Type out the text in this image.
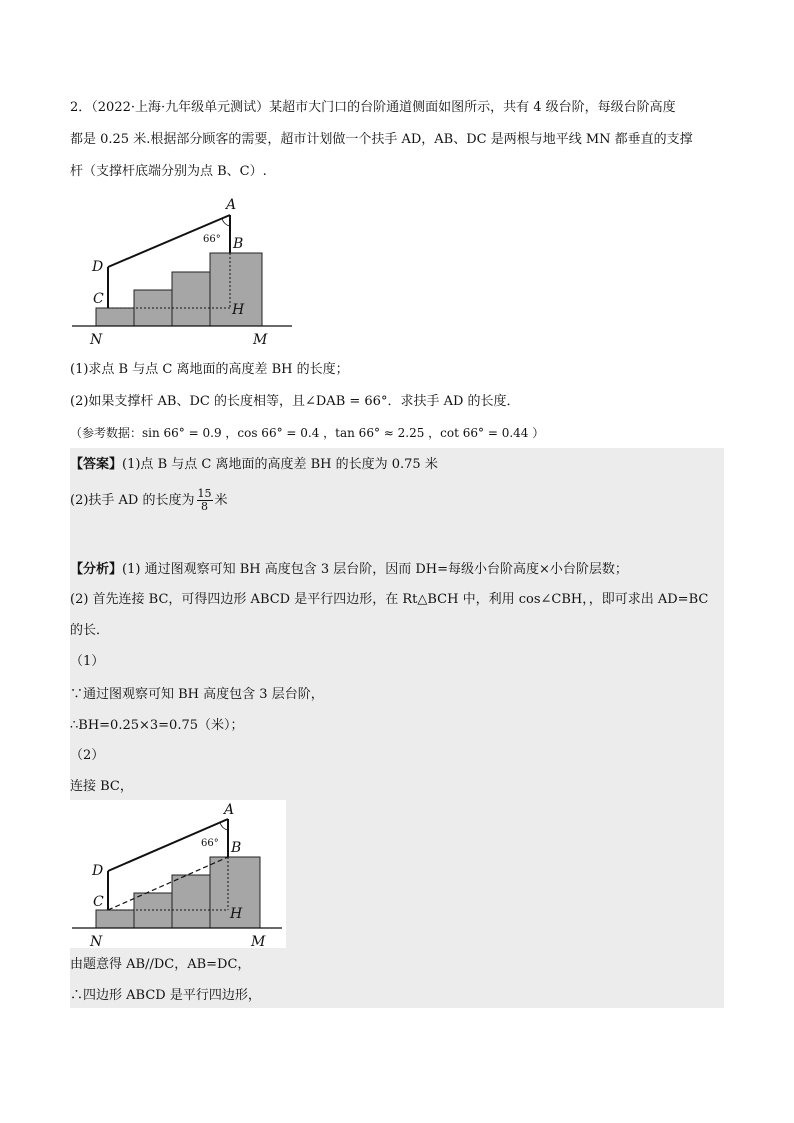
2．（2022·上海·九年级单元测试）某超市大门口的台阶通道侧面如图所示，共有 4 级台阶，每级台阶高度
都是 0.25 米.根据部分顾客的需要，超市计划做一个扶手 AD，AB、DC 是两根与地平线 MN 都垂直的支撑
杆（支撑杆底端分别为点 B、C）.
A
B
C
D
H
N	M
66°
(1)求点 B 与点 C 离地面的高度差 BH 的长度；
(2)如果支撑杆 AB、DC 的长度相等，且∠DAB = 66°．求扶手 AD 的长度．
（参考数据：sin 66° = 0.9 ，cos 66° = 0.4 ，tan 66° ≈ 2.25 ，cot 66° = 0.44 ）
【答案】(1)点 B 与点 C 离地面的高度差 BH 的长度为 0.75 米
(2)扶手 AD 的长度为 $\frac{15}{8}$ 米
【分析】(1) 通过图观察可知 BH 高度包含 3 层台阶，因而 DH=每级小台阶高度×小台阶层数；
(2) 首先连接 BC，可得四边形 ABCD 是平行四边形，在 Rt△BCH 中，利用 cos∠CBH，，即可求出 AD=BC
的长．
（1）
∵通过图观察可知 BH 高度包含 3 层台阶，
∴BH=0.25×3=0.75（米）；
（2）
连接 BC，
A
B
C
D
H
N	M
66°
由题意得 AB//DC，AB=DC，
∴四边形 ABCD 是平行四边形，
